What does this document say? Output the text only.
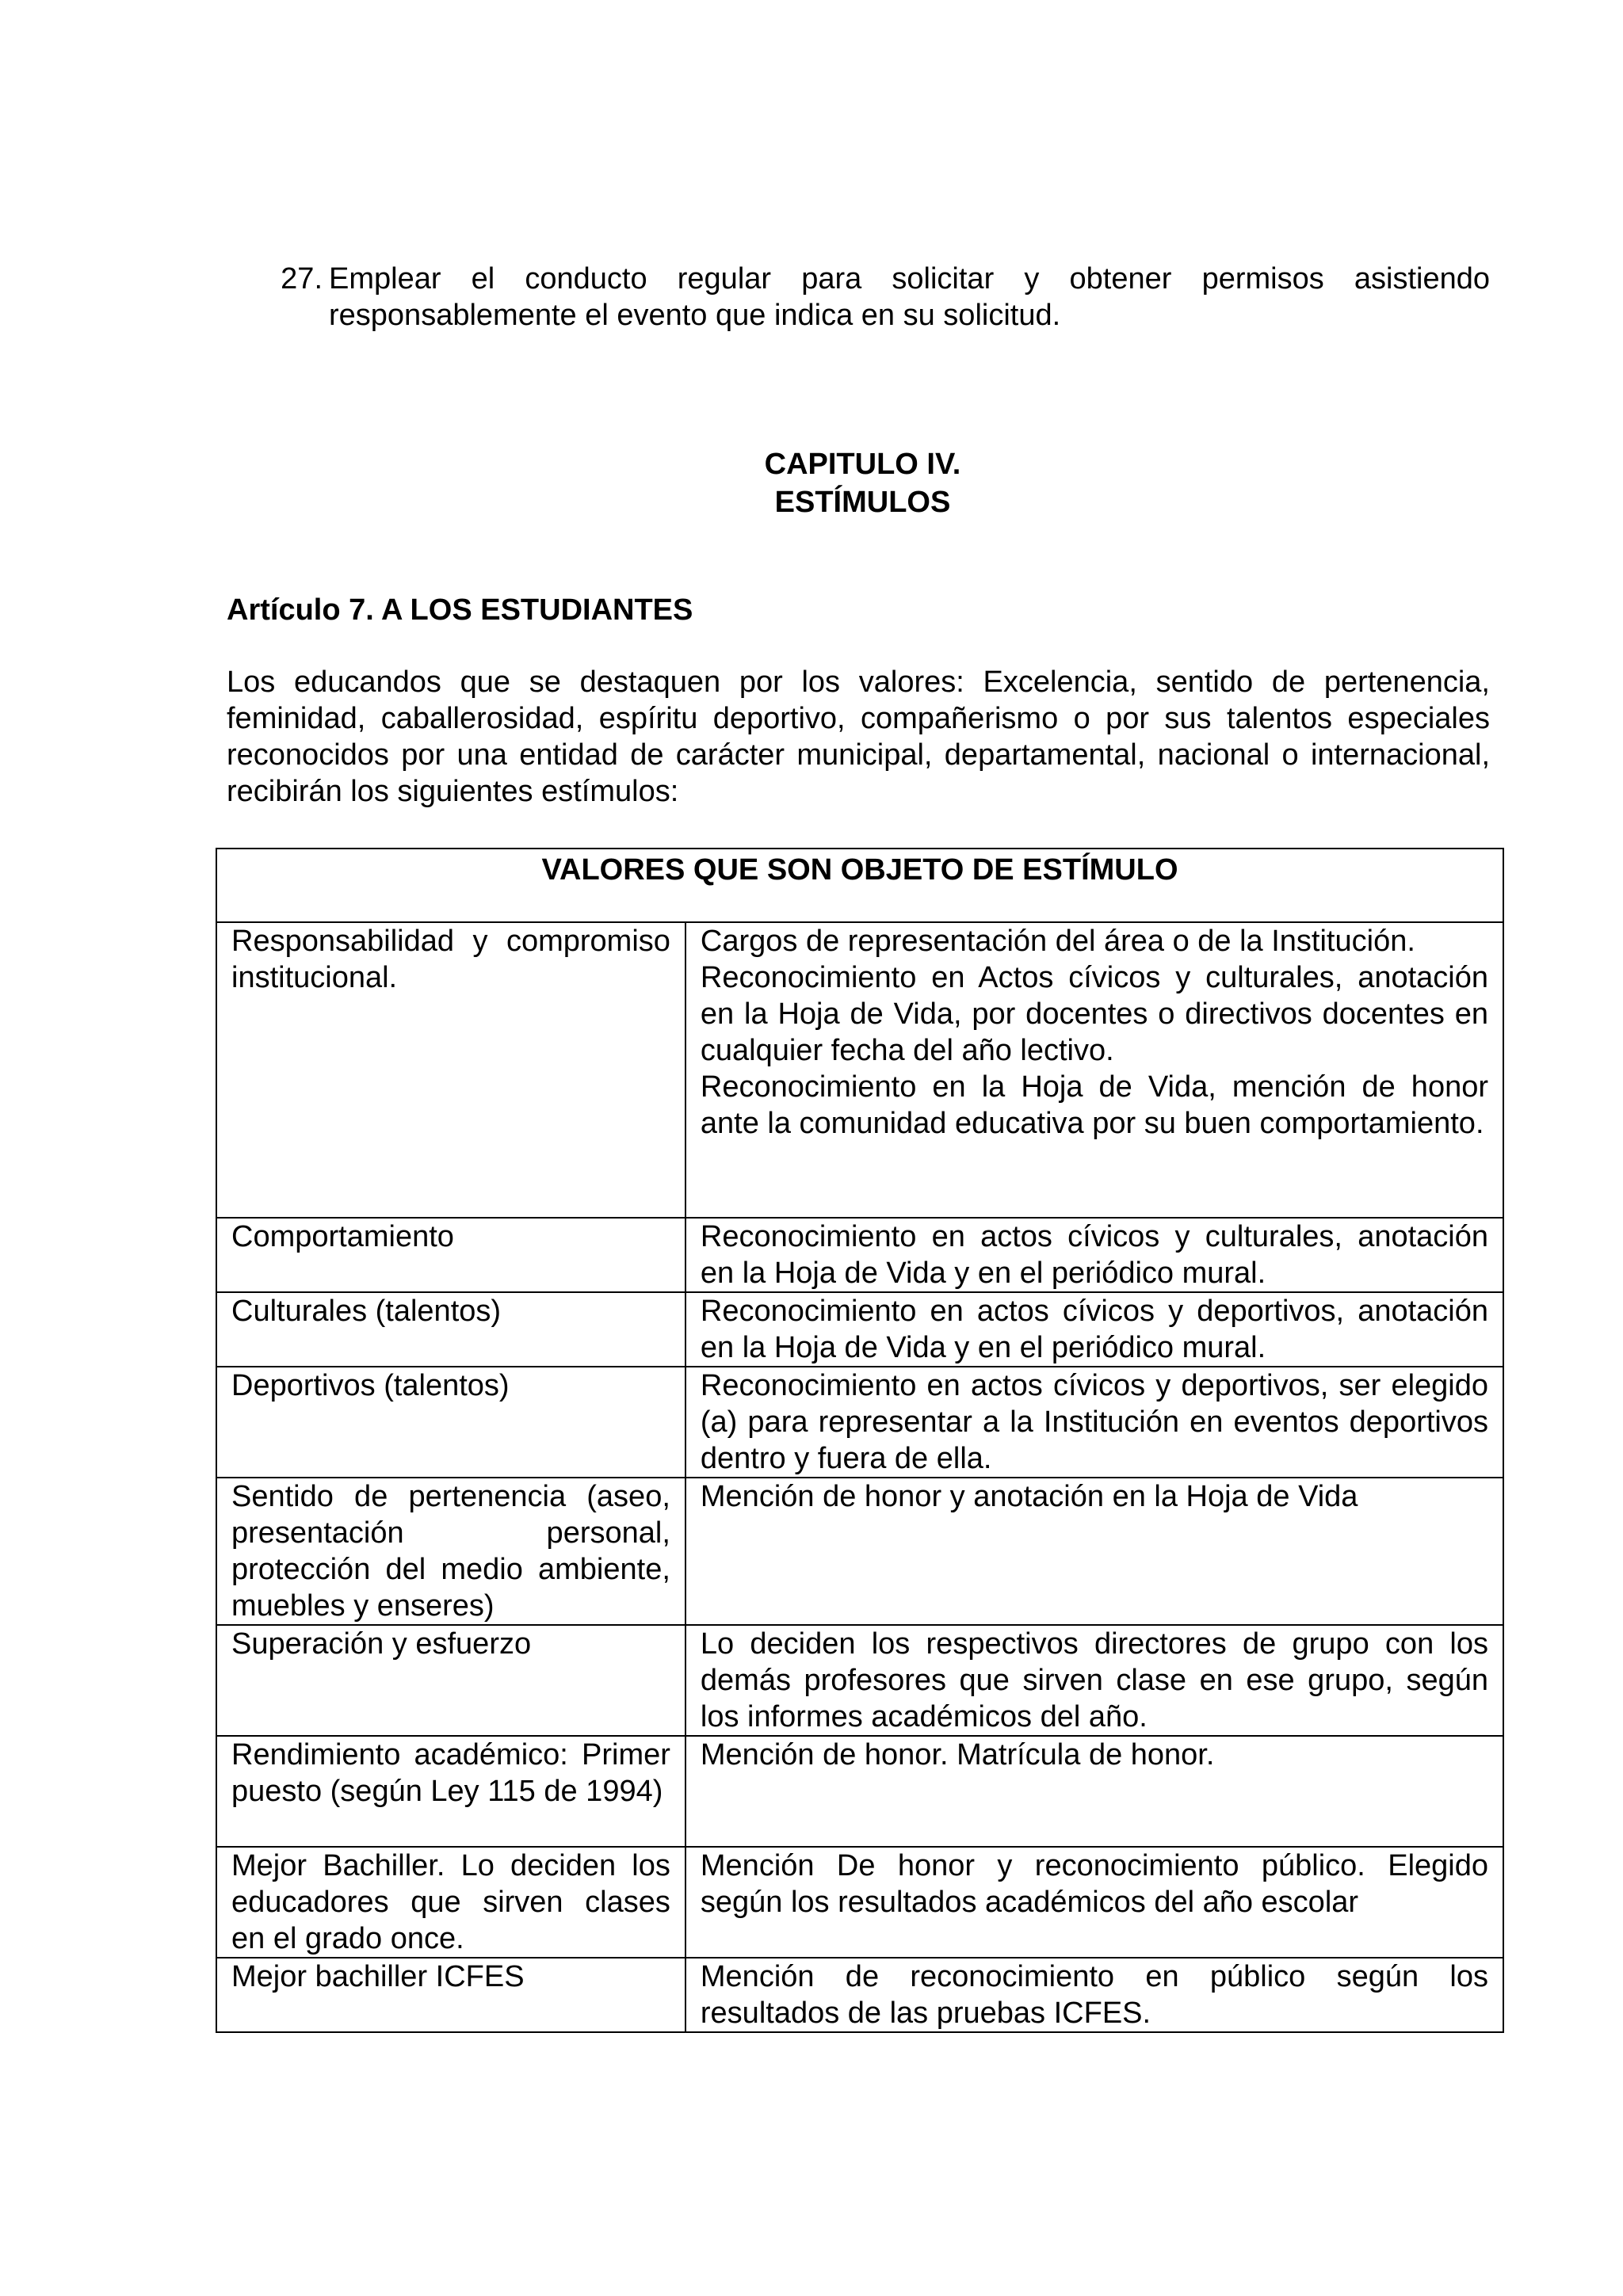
27. Emplear el conducto regular para solicitar y obtener permisos asistiendo responsablemente el evento que indica en su solicitud.
CAPITULO IV.
ESTÍMULOS
Artículo 7. A LOS ESTUDIANTES
Los educandos que se destaquen por los valores: Excelencia, sentido de pertenencia, feminidad, caballerosidad, espíritu deportivo, compañerismo o por sus talentos especiales reconocidos por una entidad de carácter municipal, departamental, nacional o internacional, recibirán los siguientes estímulos:
VALORES QUE SON OBJETO DE ESTÍMULO	
Responsabilidad y compromiso institucional.	Cargos de representación del área o de la Institución.
Reconocimiento en Actos cívicos y culturales, anotación en la Hoja de Vida, por docentes o directivos docentes en cualquier fecha del año lectivo.
Reconocimiento en la Hoja de Vida, mención de honor ante la comunidad educativa por su buen comportamiento.

Comportamiento	Reconocimiento en actos cívicos y culturales, anotación en la Hoja de Vida y en el periódico mural.
Culturales (talentos)	Reconocimiento en actos cívicos y deportivos, anotación en la Hoja de Vida y en el periódico mural.
Deportivos (talentos)	Reconocimiento en actos cívicos y deportivos, ser elegido (a) para representar a la Institución en eventos deportivos dentro y fuera de ella.
Sentido de pertenencia (aseo, presentación personal, protección del medio ambiente, muebles y enseres)	Mención de honor y anotación en la Hoja de Vida
Superación y esfuerzo	Lo deciden los respectivos directores de grupo con los demás profesores que sirven clase en ese grupo, según los informes académicos del año.
Rendimiento académico: Primer puesto (según Ley 115 de 1994)	Mención de honor. Matrícula de honor.
Mejor Bachiller. Lo deciden los educadores que sirven clases en el grado once.	Mención De honor y reconocimiento público. Elegido según los resultados académicos del año escolar
Mejor bachiller ICFES	Mención de reconocimiento en público según los resultados de las pruebas ICFES.
